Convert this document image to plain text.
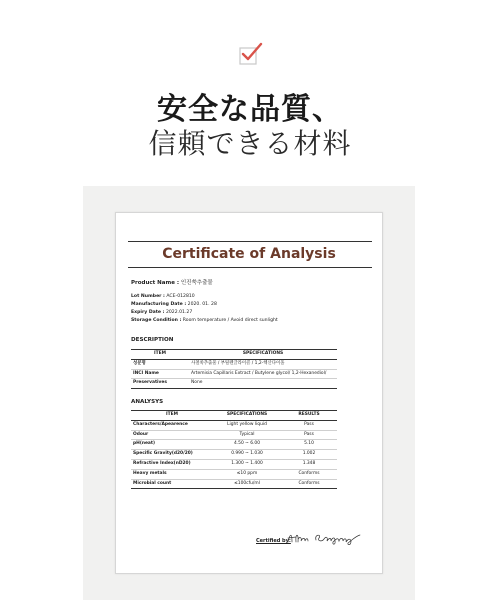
安全な品質、
信頼できる材料
Certificate of Analysis
Product Name : 인진쑥추출물
Lot Number : ACE-012810
Manufacturing Date : 2020. 01. 28
Expiry Date : 2022.01.27
Storage Condition : Room temperature / Avoid direct sunlight
DESCRIPTION
ITEM	SPECIFICATIONS
성분명	사철쑥추출물 / 부틸렌글라이콜 / 1,2-헥산다이올
INCI Name	Artemisia Capillaris Extract / Butylene glycol/ 1,2-Hexanediol/
Preservatives	None
ANALYSYS
ITEM	SPECIFICATIONS	RESULTS
Characters/Apearence	Light yellow liquid	Pass
Odour	Typical	Pass
pH(neat)	4.50 ~ 6.00	5.10
Specific Gravity(d20/20)	0.990 ~ 1.030	1.002
Refractive Index(nD20)	1.300 ~ 1.400	1.348
Heavy metals	≤10 ppm	Conforms
Microbial count	≤100cfu/ml	Conforms
Certified by:
